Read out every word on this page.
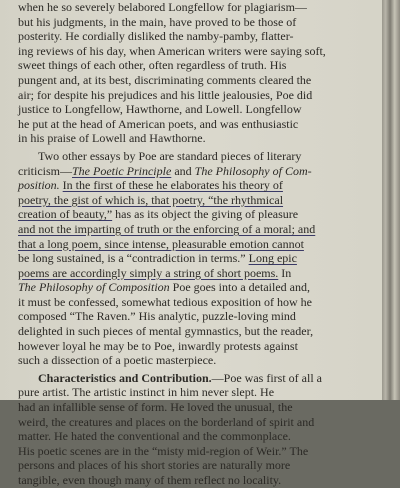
when he so severely belabored Longfellow for plagiarism—
but his judgments, in the main, have proved to be those of
posterity. He cordially disliked the namby-pamby, flatter-
ing reviews of his day, when American writers were saying soft,
sweet things of each other, often regardless of truth. His
pungent and, at its best, discriminating comments cleared the
air; for despite his prejudices and his little jealousies, Poe did
justice to Longfellow, Hawthorne, and Lowell. Longfellow
he put at the head of American poets, and was enthusiastic
in his praise of Lowell and Hawthorne.

Two other essays by Poe are standard pieces of literary
criticism—The Poetic Principle and The Philosophy of Com-
position. In the first of these he elaborates his theory of
poetry, the gist of which is, that poetry, “the rhythmical
creation of beauty,” has as its object the giving of pleasure
and not the imparting of truth or the enforcing of a moral; and
that a long poem, since intense, pleasurable emotion cannot
be long sustained, is a “contradiction in terms.” Long epic
poems are accordingly simply a string of short poems. In
The Philosophy of Composition Poe goes into a detailed and,
it must be confessed, somewhat tedious exposition of how he
composed “The Raven.” His analytic, puzzle-loving mind
delighted in such pieces of mental gymnastics, but the reader,
however loyal he may be to Poe, inwardly protests against
such a dissection of a poetic masterpiece.

Characteristics and Contribution.—Poe was first of all a
pure artist. The artistic instinct in him never slept. He
had an infallible sense of form. He loved the unusual, the
weird, the creatures and places on the borderland of spirit and
matter. He hated the conventional and the commonplace.
His poetic scenes are in the “misty mid-region of Weir.” The
persons and places of his short stories are naturally more
tangible, even though many of them reflect no locality.
